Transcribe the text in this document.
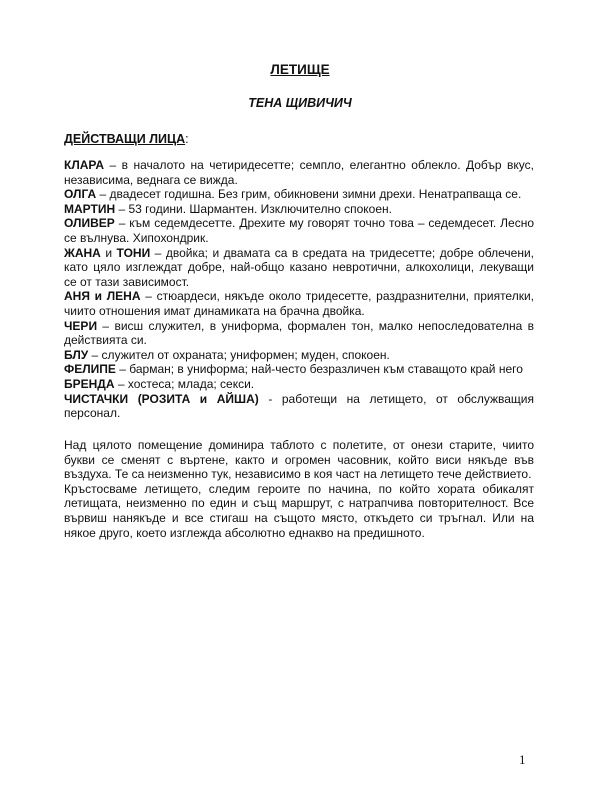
ЛЕТИЩЕ
ТЕНА ЩИВИЧИЧ
ДЕЙСТВАЩИ ЛИЦА:

КЛАРА – в началото на четиридесетте; семпло, елегантно облекло. Добър вкус, независима, веднага се вижда.

ОЛГА – двадесет годишна. Без грим, обикновени зимни дрехи. Ненатрапваща се.

МАРТИН – 53 години. Шармантен. Изключително спокоен.

ОЛИВЕР – към седемдесетте. Дрехите му говорят точно това – седемдесет. Лесно се вълнува. Хипохондрик.

ЖАНА и ТОНИ – двойка; и двамата са в средата на тридесетте; добре облечени, като цяло изглеждат добре, най-общо казано невротични, алкохолици, лекуващи се от тази зависимост.

АНЯ и ЛЕНА – стюардеси, някъде около тридесетте, раздразнителни, приятелки, чиито отношения имат динамиката на брачна двойка.

ЧЕРИ – висш служител, в униформа, формален тон, малко непоследователна в действията си.

БЛУ – служител от охраната; униформен; муден, спокоен.

ФЕЛИПЕ – барман; в униформа; най-често безразличен към ставащото край него

БРЕНДА – хостеса; млада; секси.

ЧИСТАЧКИ (РОЗИТА и АЙША) - работещи на летището, от обслужващия персонал.

Над цялото помещение доминира таблото с полетите, от онези старите, чиито букви се сменят с въртене, както и огромен часовник, който виси някъде във въздуха. Те са неизменно тук, независимо в коя част на летището тече действието.

Кръстосваме летището, следим героите по начина, по който хората обикалят летищата, неизменно по един и същ маршрут, с натрапчива повторителност. Все вървиш нанякъде и все стигаш на същото място, откъдето си тръгнал. Или на някое друго, което изглежда абсолютно еднакво на предишното.

1
